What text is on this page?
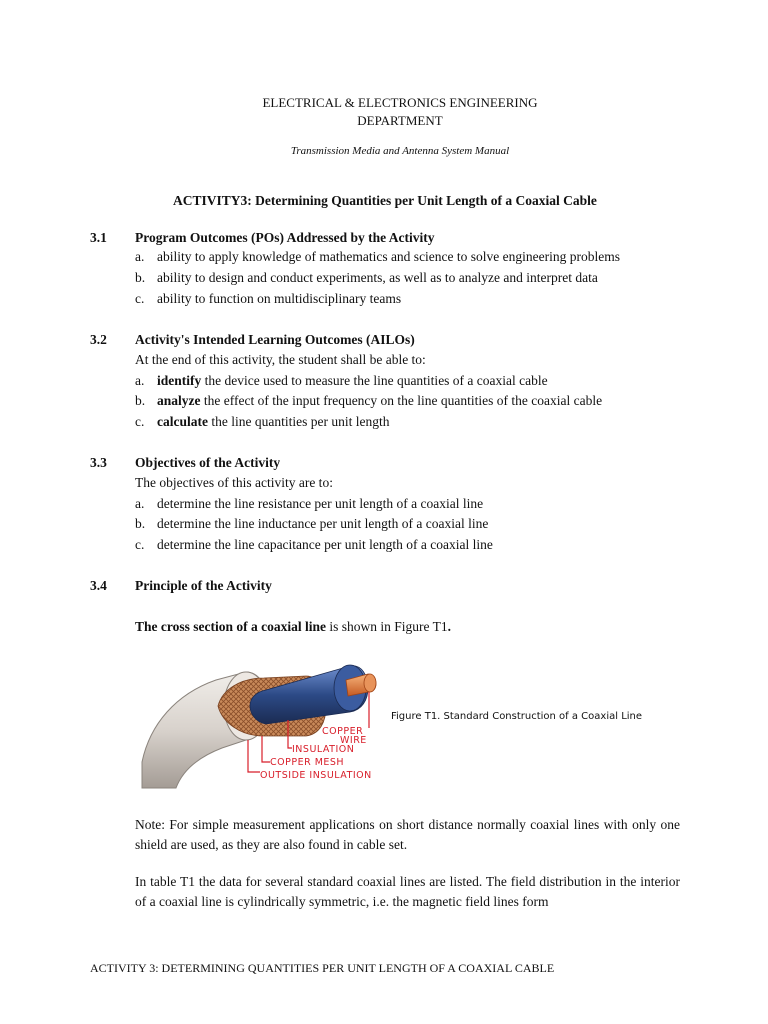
ELECTRICAL & ELECTRONICS ENGINEERING
DEPARTMENT
Transmission Media and Antenna System Manual
ACTIVITY3: Determining Quantities per Unit Length of a Coaxial Cable
3.1 Program Outcomes (POs) Addressed by the Activity
a. ability to apply knowledge of mathematics and science to solve engineering problems
b. ability to design and conduct experiments, as well as to analyze and interpret data
c. ability to function on multidisciplinary teams
3.2 Activity's Intended Learning Outcomes (AILOs)
At the end of this activity, the student shall be able to:
a. identify the device used to measure the line quantities of a coaxial cable
b. analyze the effect of the input frequency on the line quantities of the coaxial cable
c. calculate the line quantities per unit length
3.3 Objectives of the Activity
The objectives of this activity are to:
a. determine the line resistance per unit length of a coaxial line
b. determine the line inductance per unit length of a coaxial line
c. determine the line capacitance per unit length of a coaxial line
3.4 Principle of the Activity
The cross section of a coaxial line is shown in Figure T1.
COPPER
WIRE
INSULATION
COPPER MESH
OUTSIDE INSULATION
Figure T1. Standard Construction of a Coaxial Line
Note: For simple measurement applications on short distance normally coaxial lines with only one shield are used, as they are also found in cable set.
In table T1 the data for several standard coaxial lines are listed. The field distribution in the interior of a coaxial line is cylindrically symmetric, i.e. the magnetic field lines form
ACTIVITY 3: DETERMINING QUANTITIES PER UNIT LENGTH OF A COAXIAL CABLE
